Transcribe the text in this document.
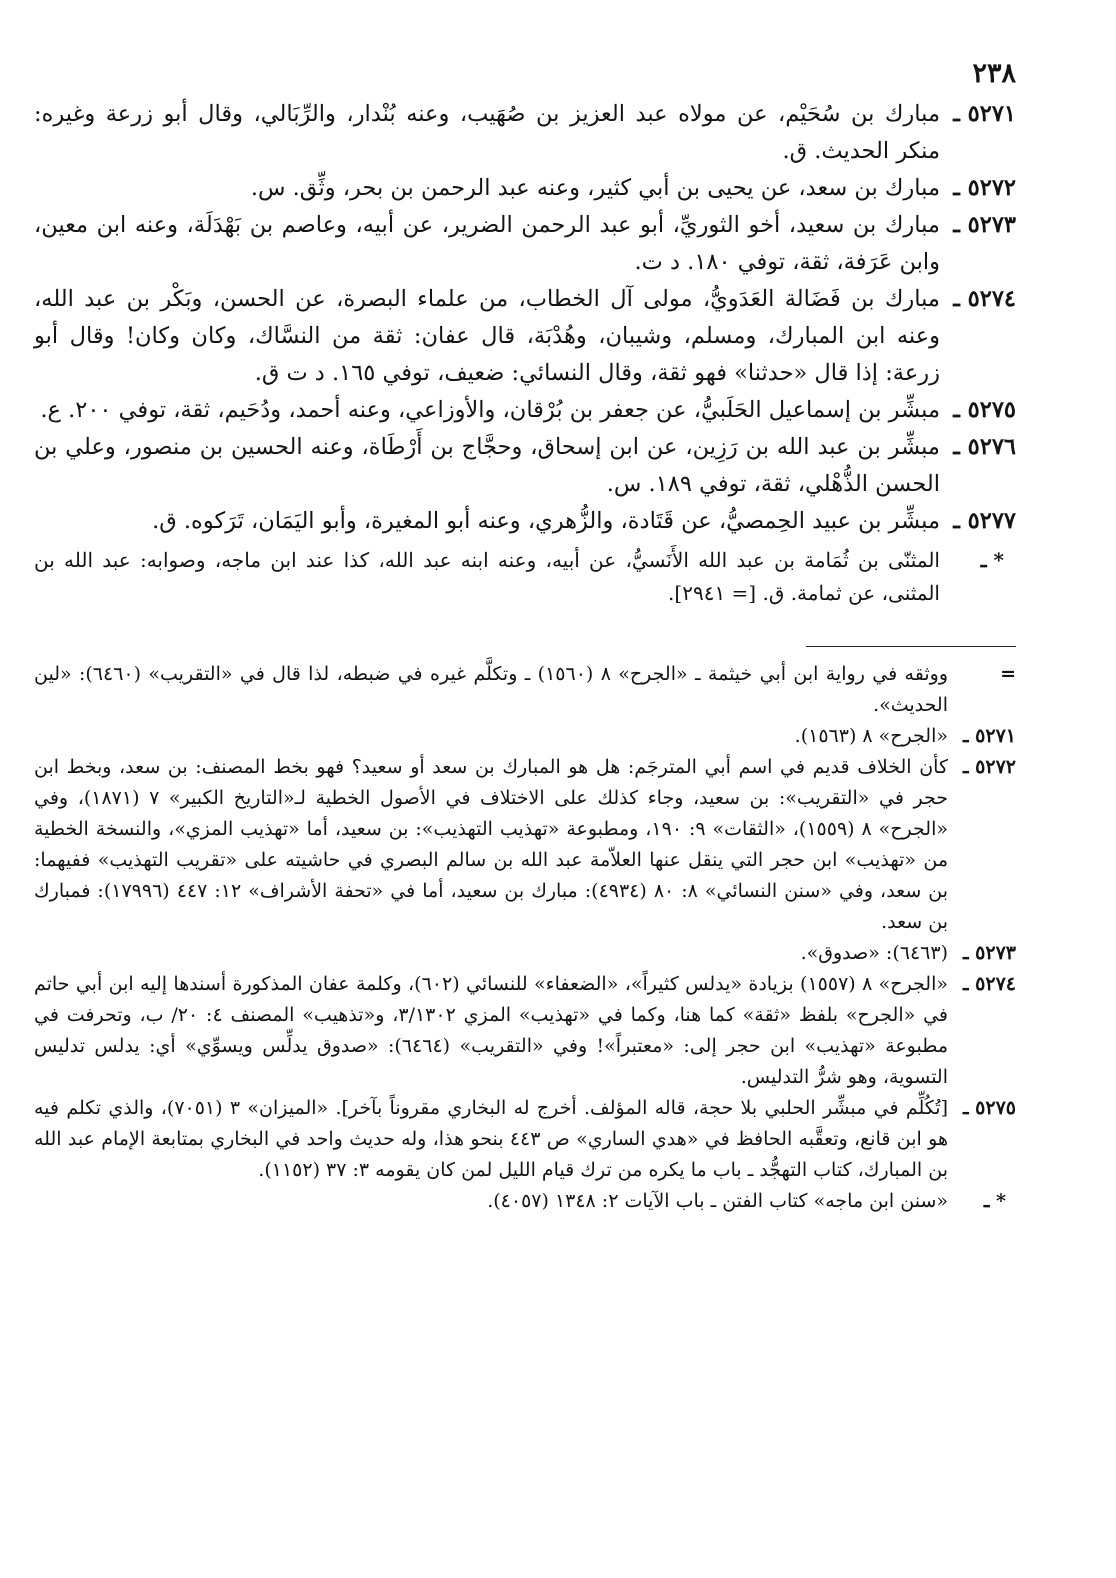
٢٣٨
٥٢٧١ ـ
مبارك بن سُحَيْم، عن مولاه عبد العزيز بن صُهَيب، وعنه بُنْدار، والرِّبَالي، وقال أبو زرعة وغيره: منكر الحديث. ق.
٥٢٧٢ ـ
مبارك بن سعد، عن يحيى بن أبي كثير، وعنه عبد الرحمن بن بحر، وثِّق. س.
٥٢٧٣ ـ
مبارك بن سعيد، أخو الثوريِّ، أبو عبد الرحمن الضرير، عن أبيه، وعاصم بن بَهْدَلَة، وعنه ابن معين، وابن عَرَفة، ثقة، توفي ١٨٠. د ت.
٥٢٧٤ ـ
مبارك بن فَضَالة العَدَويُّ، مولى آل الخطاب، من علماء البصرة، عن الحسن، وبَكْر بن عبد الله، وعنه ابن المبارك، ومسلم، وشيبان، وهُدْبَة، قال عفان: ثقة من النسَّاك، وكان وكان! وقال أبو زرعة: إذا قال «حدثنا» فهو ثقة، وقال النسائي: ضعيف، توفي ١٦٥. د ت ق.
٥٢٧٥ ـ
مبشِّر بن إسماعيل الحَلَبيُّ، عن جعفر بن بُرْقان، والأوزاعي، وعنه أحمد، ودُحَيم، ثقة، توفي ٢٠٠. ع.
٥٢٧٦ ـ
مبشِّر بن عبد الله بن رَزِين، عن ابن إسحاق، وحجَّاج بن أَرْطَاة، وعنه الحسين بن منصور، وعلي بن الحسن الذُّهْلي، ثقة، توفي ١٨٩. س.
٥٢٧٧ ـ
مبشِّر بن عبيد الحِمصيُّ، عن قَتَادة، والزُّهري، وعنه أبو المغيرة، وأبو اليَمَان، تَرَكوه. ق.
* ـ
المثنّى بن ثُمَامة بن عبد الله الأَنَسيُّ، عن أبيه، وعنه ابنه عبد الله، كذا عند ابن ماجه، وصوابه: عبد الله بن المثنى، عن ثمامة. ق. [= ٢٩٤١].
=
ووثقه في رواية ابن أبي خيثمة ـ «الجرح» ٨ (١٥٦٠) ـ وتكلَّم غيره في ضبطه، لذا قال في «التقريب» (٦٤٦٠): «لين الحديث».
٥٢٧١ ـ
«الجرح» ٨ (١٥٦٣).
٥٢٧٢ ـ
كأن الخلاف قديم في اسم أبي المترجَم: هل هو المبارك بن سعد أو سعيد؟ فهو بخط المصنف: بن سعد، وبخط ابن حجر في «التقريب»: بن سعيد، وجاء كذلك على الاختلاف في الأصول الخطية لـ«التاريخ الكبير» ٧ (١٨٧١)، وفي «الجرح» ٨ (١٥٥٩)، «الثقات» ٩: ١٩٠، ومطبوعة «تهذيب التهذيب»: بن سعيد، أما «تهذيب المزي»، والنسخة الخطية من «تهذيب» ابن حجر التي ينقل عنها العلاّمة عبد الله بن سالم البصري في حاشيته على «تقريب التهذيب» ففيهما: بن سعد، وفي «سنن النسائي» ٨: ٨٠ (٤٩٣٤): مبارك بن سعيد، أما في «تحفة الأشراف» ١٢: ٤٤٧ (١٧٩٩٦): فمبارك بن سعد.
٥٢٧٣ ـ
(٦٤٦٣): «صدوق».
٥٢٧٤ ـ
«الجرح» ٨ (١٥٥٧) بزيادة «يدلس كثيراً»، «الضعفاء» للنسائي (٦٠٢)، وكلمة عفان المذكورة أسندها إليه ابن أبي حاتم في «الجرح» بلفظ «ثقة» كما هنا، وكما في «تهذيب» المزي ٣/١٣٠٢، و«تذهيب» المصنف ٤: ٢٠/ ب، وتحرفت في مطبوعة «تهذيب» ابن حجر إلى: «معتبراً»! وفي «التقريب» (٦٤٦٤): «صدوق يدلِّس ويسوِّي» أي: يدلس تدليس التسوية، وهو شرُّ التدليس.
٥٢٧٥ ـ
[تُكُلِّم في مبشِّر الحلبي بلا حجة، قاله المؤلف. أخرج له البخاري مقروناً بآخر]. «الميزان» ٣ (٧٠٥١)، والذي تكلم فيه هو ابن قانع، وتعقَّبه الحافظ في «هدي الساري» ص ٤٤٣ بنحو هذا، وله حديث واحد في البخاري بمتابعة الإمام عبد الله بن المبارك، كتاب التهجُّد ـ باب ما يكره من ترك قيام الليل لمن كان يقومه ٣: ٣٧ (١١٥٢).
* ـ
«سنن ابن ماجه» كتاب الفتن ـ باب الآيات ٢: ١٣٤٨ (٤٠٥٧).
